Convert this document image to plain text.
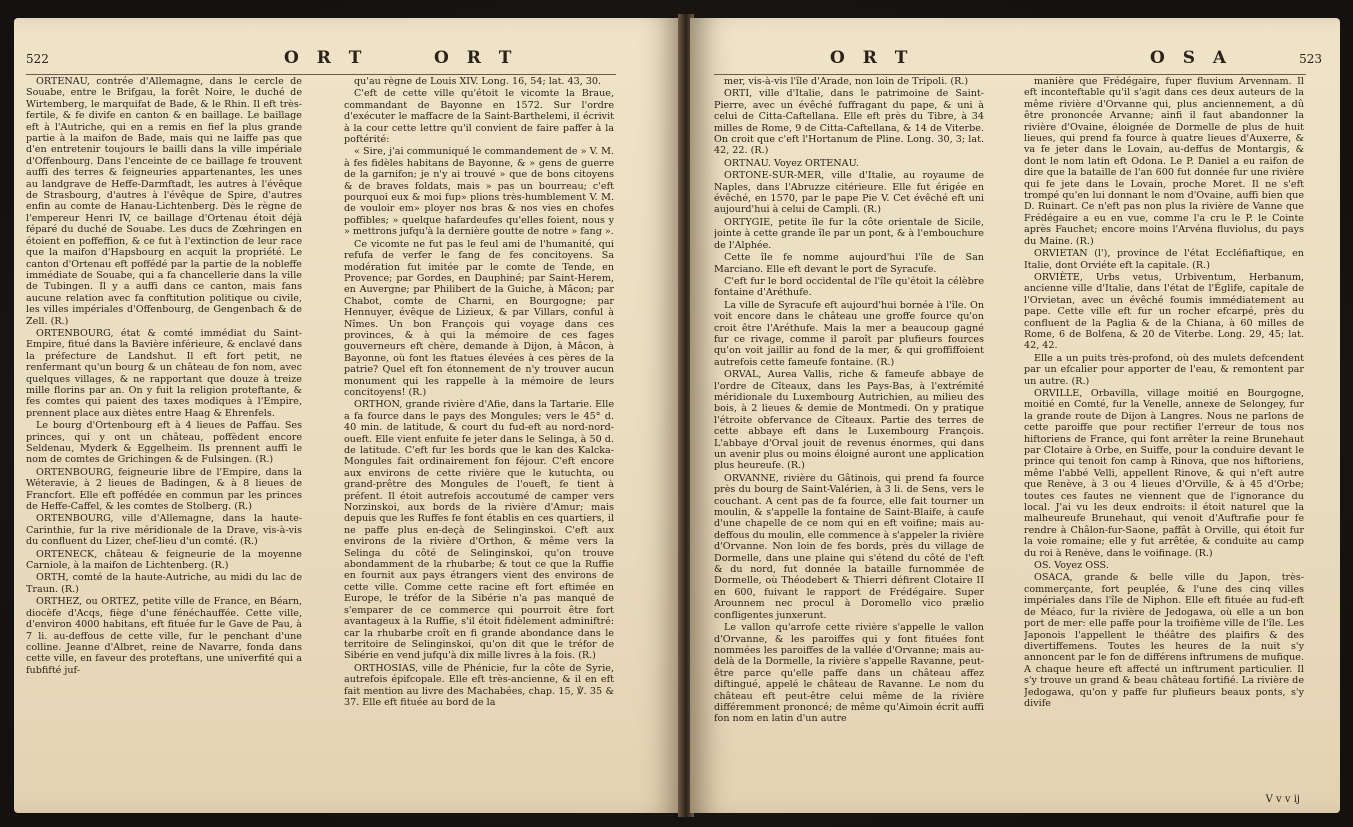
522	O R T	O R T

ORTENAU, contrée d'Allemagne, dans le cercle de Souabe, entre le Brifgau, la forêt Noire, le duché de Wirtemberg, le marquifat de Bade, & le Rhin. Il eft très-fertile, & fe divife en canton & en baillage. Le baillage eft à l'Autriche, qui en a remis en fief la plus grande partie à la maifon de Bade, mais qui ne laiffe pas que d'en entretenir toujours le bailli dans la ville impériale d'Offenbourg. Dans l'enceinte de ce baillage fe trouvent auffi des terres & feigneuries appartenantes, les unes au landgrave de Heffe-Darmftadt, les autres à l'évêque de Strasbourg, d'autres à l'évêque de Spire, d'autres enfin au comte de Hanau-Lichtenberg. Dès le règne de l'empereur Henri IV, ce baillage d'Ortenau étoit déjà féparé du duché de Souabe. Les ducs de Zœhringen en étoient en poffeffion, & ce fut à l'extinction de leur race que la maifon d'Hapsbourg en acquit la propriété. Le canton d'Ortenau eft poffédé par la partie de la nobleffe immédiate de Souabe, qui a fa chancellerie dans la ville de Tubingen. Il y a auffi dans ce canton, mais fans aucune relation avec fa conftitution politique ou civile, les villes impériales d'Offenbourg, de Gengenbach & de Zell. (R.)

ORTENBOURG, état & comté immédiat du Saint-Empire, fitué dans la Bavière inférieure, & enclavé dans la préfecture de Landshut. Il eft fort petit, ne renfermant qu'un bourg & un château de fon nom, avec quelques villages, & ne rapportant que douze à treize mille florins par an. On y fuit la religion proteftante, & fes comtes qui paient des taxes modiques à l'Empire, prennent place aux diètes entre Haag & Ehrenfels.

Le bourg d'Ortenbourg eft à 4 lieues de Paffau. Ses princes, qui y ont un château, poffèdent encore Seldenau, Myderk & Eggelheim. Ils prennent auffi le nom de comtes de Grichingen & de Fulsingen. (R.)

ORTENBOURG, feigneurie libre de l'Empire, dans la Wéteravie, à 2 lieues de Badingen, & à 8 lieues de Francfort. Elle eft poffédée en commun par les princes de Heffe-Caffel, & les comtes de Stolberg. (R.)

ORTENBOURG, ville d'Allemagne, dans la haute-Carinthie, fur la rive méridionale de la Drave, vis-à-vis du confluent du Lizer, chef-lieu d'un comté. (R.)

ORTENECK, château & feigneurie de la moyenne Carniole, à la maifon de Lichtenberg. (R.)

ORTH, comté de la haute-Autriche, au midi du lac de Traun. (R.)

ORTHEZ, ou ORTEZ, petite ville de France, en Béarn, diocèfe d'Acqs, fiège d'une fénéchauffée. Cette ville, d'environ 4000 habitans, eft fituée fur le Gave de Pau, à 7 li. au-deffous de cette ville, fur le penchant d'une colline. Jeanne d'Albret, reine de Navarre, fonda dans cette ville, en faveur des proteftans, une univerfité qui a fubfifté juf-

qu'au règne de Louis XIV. Long. 16, 54; lat. 43, 30.

C'eft de cette ville qu'étoit le vicomte la Braue, commandant de Bayonne en 1572. Sur l'ordre d'exécuter le maffacre de la Saint-Barthelemi, il écrivit à la cour cette lettre qu'il convient de faire paffer à la poftérité:

« Sire, j'ai communiqué le commandement de » V. M. à fes fidèles habitans de Bayonne, & » gens de guerre de la garnifon; je n'y ai trouvé » que de bons citoyens & de braves foldats, mais » pas un bourreau; c'eft pourquoi eux & moi fup» plions très-humblement V. M. de vouloir em» ployer nos bras & nos vies en chofes poffibles; » quelque hafardeufes qu'elles foient, nous y » mettrons jufqu'à la dernière goutte de notre » fang ».

Ce vicomte ne fut pas le feul ami de l'humanité, qui refufa de verfer le fang de fes concitoyens. Sa modération fut imitée par le comte de Tende, en Provence; par Gordes, en Dauphiné; par Saint-Herem, en Auvergne; par Philibert de la Guiche, à Mâcon; par Chabot, comte de Charni, en Bourgogne; par Hennuyer, évêque de Lizieux, & par Villars, conful à Nîmes. Un bon François qui voyage dans ces provinces, & à qui la mémoire de ces fages gouverneurs eft chère, demande à Dijon, à Mâcon, à Bayonne, où font les ftatues élevées à ces pères de la patrie? Quel eft fon étonnement de n'y trouver aucun monument qui les rappelle à la mémoire de leurs concitoyens! (R.)

ORTHON, grande rivière d'Afie, dans la Tartarie. Elle a fa fource dans le pays des Mongules; vers le 45° d. 40 min. de latitude, & court du fud-eft au nord-nord-oueft. Elle vient enfuite fe jeter dans le Selinga, à 50 d. de latitude. C'eft fur les bords que le kan des Kalcka-Mongules fait ordinairement fon féjour. C'eft encore aux environs de cette rivière que le kutuchta, ou grand-prêtre des Mongules de l'oueft, fe tient à préfent. Il étoit autrefois accoutumé de camper vers Norzinskoi, aux bords de la rivière d'Amur; mais depuis que les Ruffes fe font établis en ces quartiers, il ne paffe plus en-deçà de Selinginskoi. C'eft aux environs de la rivière d'Orthon, & même vers la Selinga du côté de Selinginskoi, qu'on trouve abondamment de la rhubarbe; & tout ce que la Ruffie en fournit aux pays étrangers vient des environs de cette ville. Comme cette racine eft fort eftimée en Europe, le tréfor de la Sibérie n'a pas manqué de s'emparer de ce commerce qui pourroit être fort avantageux à la Ruffie, s'il étoit fidèlement adminiftré: car la rhubarbe croît en fi grande abondance dans le territoire de Selinginskoi, qu'on dit que le tréfor de Sibérie en vend jufqu'à dix mille livres à la fois. (R.)

ORTHOSIAS, ville de Phénicie, fur la côte de Syrie, autrefois épifcopale. Elle eft très-ancienne, & il en eft fait mention au livre des Machabées, chap. 15, ℣. 35 & 37. Elle eft fituée au bord de la

O R T	O S A	523

mer, vis-à-vis l'île d'Arade, non loin de Tripoli. (R.)

ORTI, ville d'Italie, dans le patrimoine de Saint-Pierre, avec un évêché fuffragant du pape, & uni à celui de Citta-Caftellana. Elle eft près du Tibre, à 34 milles de Rome, 9 de Citta-Caftellana, & 14 de Viterbe. On croit que c'eft l'Hortanum de Pline. Long. 30, 3; lat. 42, 22. (R.)

ORTNAU. Voyez ORTENAU.

ORTONE-SUR-MER, ville d'Italie, au royaume de Naples, dans l'Abruzze citérieure. Elle fut érigée en évêché, en 1570, par le pape Pie V. Cet évêché eft uni aujourd'hui à celui de Campli. (R.)

ORTYGIE, petite île fur la côte orientale de Sicile, jointe à cette grande île par un pont, & à l'embouchure de l'Alphée.

Cette île fe nomme aujourd'hui l'île de San Marciano. Elle eft devant le port de Syracufe.

C'eft fur le bord occidental de l'île qu'étoit la célèbre fontaine d'Aréthufe.

La ville de Syracufe eft aujourd'hui bornée à l'île. On voit encore dans le château une groffe fource qu'on croit être l'Aréthufe. Mais la mer a beaucoup gagné fur ce rivage, comme il paroît par plufieurs fources qu'on voit jaillir au fond de la mer, & qui groffiffoient autrefois cette fameufe fontaine. (R.)

ORVAL, Aurea Vallis, riche & fameufe abbaye de l'ordre de Cîteaux, dans les Pays-Bas, à l'extrémité méridionale du Luxembourg Autrichien, au milieu des bois, à 2 lieues & demie de Montmedi. On y pratique l'étroite obfervance de Cîteaux. Partie des terres de cette abbaye eft dans le Luxembourg François. L'abbaye d'Orval jouit de revenus énormes, qui dans un avenir plus ou moins éloigné auront une application plus heureufe. (R.)

ORVANNE, rivière du Gâtinois, qui prend fa fource près du bourg de Saint-Valérien, à 3 li. de Sens, vers le couchant. A cent pas de fa fource, elle fait tourner un moulin, & s'appelle la fontaine de Saint-Blaife, à caufe d'une chapelle de ce nom qui en eft voifine; mais au-deffous du moulin, elle commence à s'appeler la rivière d'Orvanne. Non loin de fes bords, près du village de Dormelle, dans une plaine qui s'étend du côté de l'eft & du nord, fut donnée la bataille furnommée de Dormelle, où Théodebert & Thierri défirent Clotaire II en 600, fuivant le rapport de Frédégaire. Super Arounnem nec procul à Doromello vico prælio confligentes junxerunt.

Le vallon qu'arrofe cette rivière s'appelle le vallon d'Orvanne, & les paroiffes qui y font fituées font nommées les paroiffes de la vallée d'Orvanne; mais au-delà de la Dormelle, la rivière s'appelle Ravanne, peut-être parce qu'elle paffe dans un château affez diftingué, appelé le château de Ravanne. Le nom du château eft peut-être celui même de la rivière différemment prononcé; de même qu'Aimoin écrit auffi fon nom en latin d'un autre

manière que Frédégaire, fuper fluvium Arvennam. Il eft inconteftable qu'il s'agit dans ces deux auteurs de la même rivière d'Orvanne qui, plus anciennement, a dû être prononcée Arvanne; ainfi il faut abandonner la rivière d'Ovaine, éloignée de Dormelle de plus de huit lieues, qui prend fa fource à quatre lieues d'Auxerre, & va fe jeter dans le Lovain, au-deffus de Montargis, & dont le nom latin eft Odona. Le P. Daniel a eu raifon de dire que la bataille de l'an 600 fut donnée fur une rivière qui fe jete dans le Lovain, proche Moret. Il ne s'eft trompé qu'en lui donnant le nom d'Ovaine, auffi bien que D. Ruinart. Ce n'eft pas non plus la rivière de Vanne que Frédégaire a eu en vue, comme l'a cru le P. le Cointe après Fauchet; encore moins l'Arvéna fluviolus, du pays du Maine. (R.)

ORVIETAN (l'), province de l'état Eccléfiaftique, en Italie, dont Orviéte eft la capitale. (R.)

ORVIÈTE, Urbs vetus, Urbiventum, Herbanum, ancienne ville d'Italie, dans l'état de l'Églife, capitale de l'Orvietan, avec un évêché foumis immédiatement au pape. Cette ville eft fur un rocher efcarpé, près du confluent de la Paglia & de la Chiana, à 60 milles de Rome, 6 de Bolfena, & 20 de Viterbe. Long. 29, 45; lat. 42, 42.

Elle a un puits très-profond, où des mulets defcendent par un efcalier pour apporter de l'eau, & remontent par un autre. (R.)

ORVILLE, Orbavilla, village moitié en Bourgogne, moitié en Comté, fur la Venelle, annexe de Selongey, fur la grande route de Dijon à Langres. Nous ne parlons de cette paroiffe que pour rectifier l'erreur de tous nos hiftoriens de France, qui font arrêter la reine Brunehaut par Clotaire à Orbe, en Suiffe, pour la conduire devant le prince qui tenoit fon camp à Rinova, que nos hiftoriens, même l'abbé Velli, appellent Rinove, & qui n'eft autre que Renève, à 3 ou 4 lieues d'Orville, & à 45 d'Orbe; toutes ces fautes ne viennent que de l'ignorance du local. J'ai vu les deux endroits: il étoit naturel que la malheureufe Brunehaut, qui venoit d'Auftrafie pour fe rendre à Châlon-fur-Saone, paffât à Orville, qui étoit fur la voie romaine; elle y fut arrêtée, & conduite au camp du roi à Renève, dans le voifinage. (R.)

OS. Voyez OSS.

OSACA, grande & belle ville du Japon, très-commerçante, fort peuplée, & l'une des cinq villes impériales dans l'île de Niphon. Elle eft fituée au fud-eft de Méaco, fur la rivière de Jedogawa, où elle a un bon port de mer: elle paffe pour la troifième ville de l'île. Les Japonois l'appellent le théâtre des plaifirs & des divertiffemens. Toutes les heures de la nuit s'y annoncent par le fon de différens inftrumens de mufique. A chaque heure eft affecté un inftrument particulier. Il s'y trouve un grand & beau château fortifié. La rivière de Jedogawa, qu'on y paffe fur plufieurs beaux ponts, s'y divife

V v v ij
